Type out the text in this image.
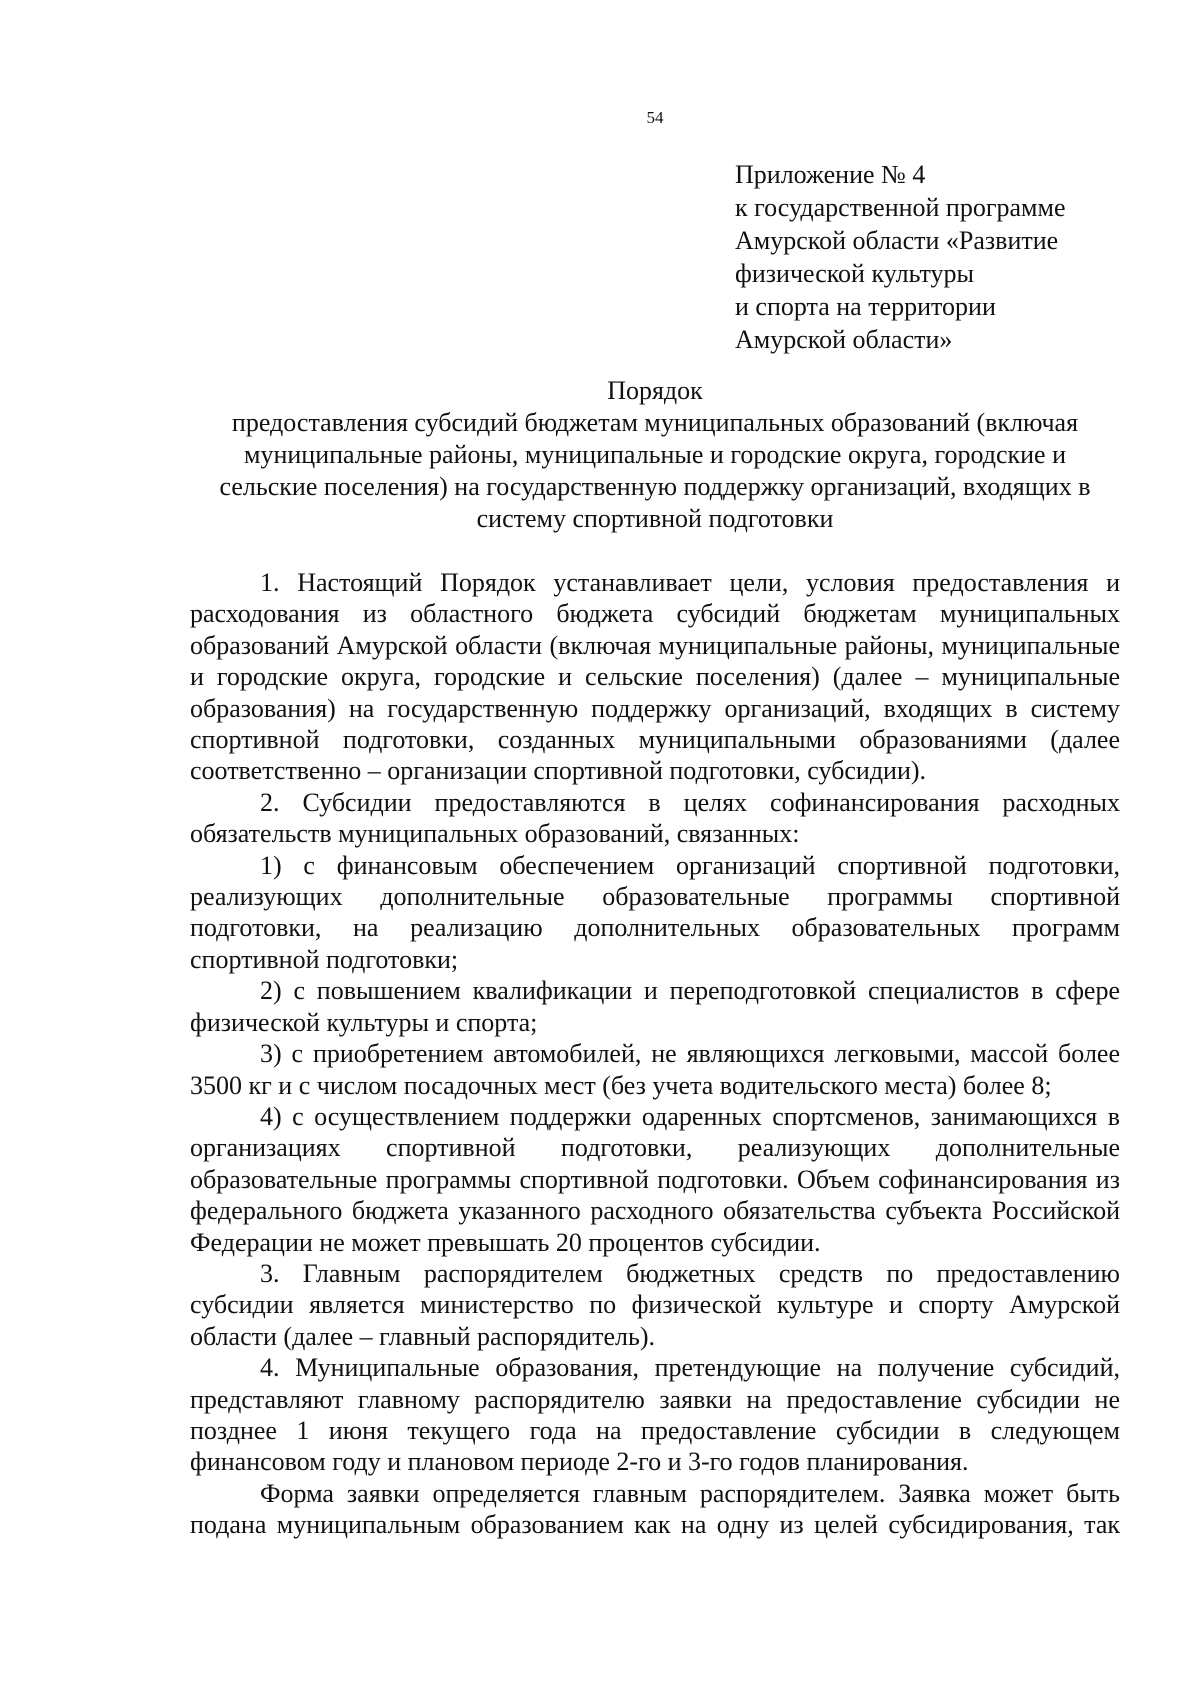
54
Приложение № 4
к государственной программе
Амурской области «Развитие
физической культуры
и спорта на территории
Амурской области»
Порядок
предоставления субсидий бюджетам муниципальных образований (включая
муниципальные районы, муниципальные и городские округа, городские и
сельские поселения) на государственную поддержку организаций, входящих в
систему спортивной подготовки

1. Настоящий Порядок устанавливает цели, условия предоставления и расходования из областного бюджета субсидий бюджетам муниципальных образований Амурской области (включая муниципальные районы, муниципальные и городские округа, городские и сельские поселения) (далее – муниципальные образования) на государственную поддержку организаций, входящих в систему спортивной подготовки, созданных муниципальными образованиями (далее соответственно – организации спортивной подготовки, субсидии).

2. Субсидии предоставляются в целях софинансирования расходных обязательств муниципальных образований, связанных:

1) с финансовым обеспечением организаций спортивной подготовки, реализующих дополнительные образовательные программы спортивной подготовки, на реализацию дополнительных образовательных программ спортивной подготовки;

2) с повышением квалификации и переподготовкой специалистов в сфере физической культуры и спорта;

3) с приобретением автомобилей, не являющихся легковыми, массой более 3500 кг и с числом посадочных мест (без учета водительского места) более 8;

4) с осуществлением поддержки одаренных спортсменов, занимающихся в организациях спортивной подготовки, реализующих дополнительные образовательные программы спортивной подготовки. Объем софинансирования из федерального бюджета указанного расходного обязательства субъекта Российской Федерации не может превышать 20 процентов субсидии.

3. Главным распорядителем бюджетных средств по предоставлению субсидии является министерство по физической культуре и спорту Амурской области (далее – главный распорядитель).

4. Муниципальные образования, претендующие на получение субсидий, представляют главному распорядителю заявки на предоставление субсидии не позднее 1 июня текущего года на предоставление субсидии в следующем финансовом году и плановом периоде 2-го и 3-го годов планирования.

Форма заявки определяется главным распорядителем. Заявка может быть подана муниципальным образованием как на одну из целей субсидирования, так
